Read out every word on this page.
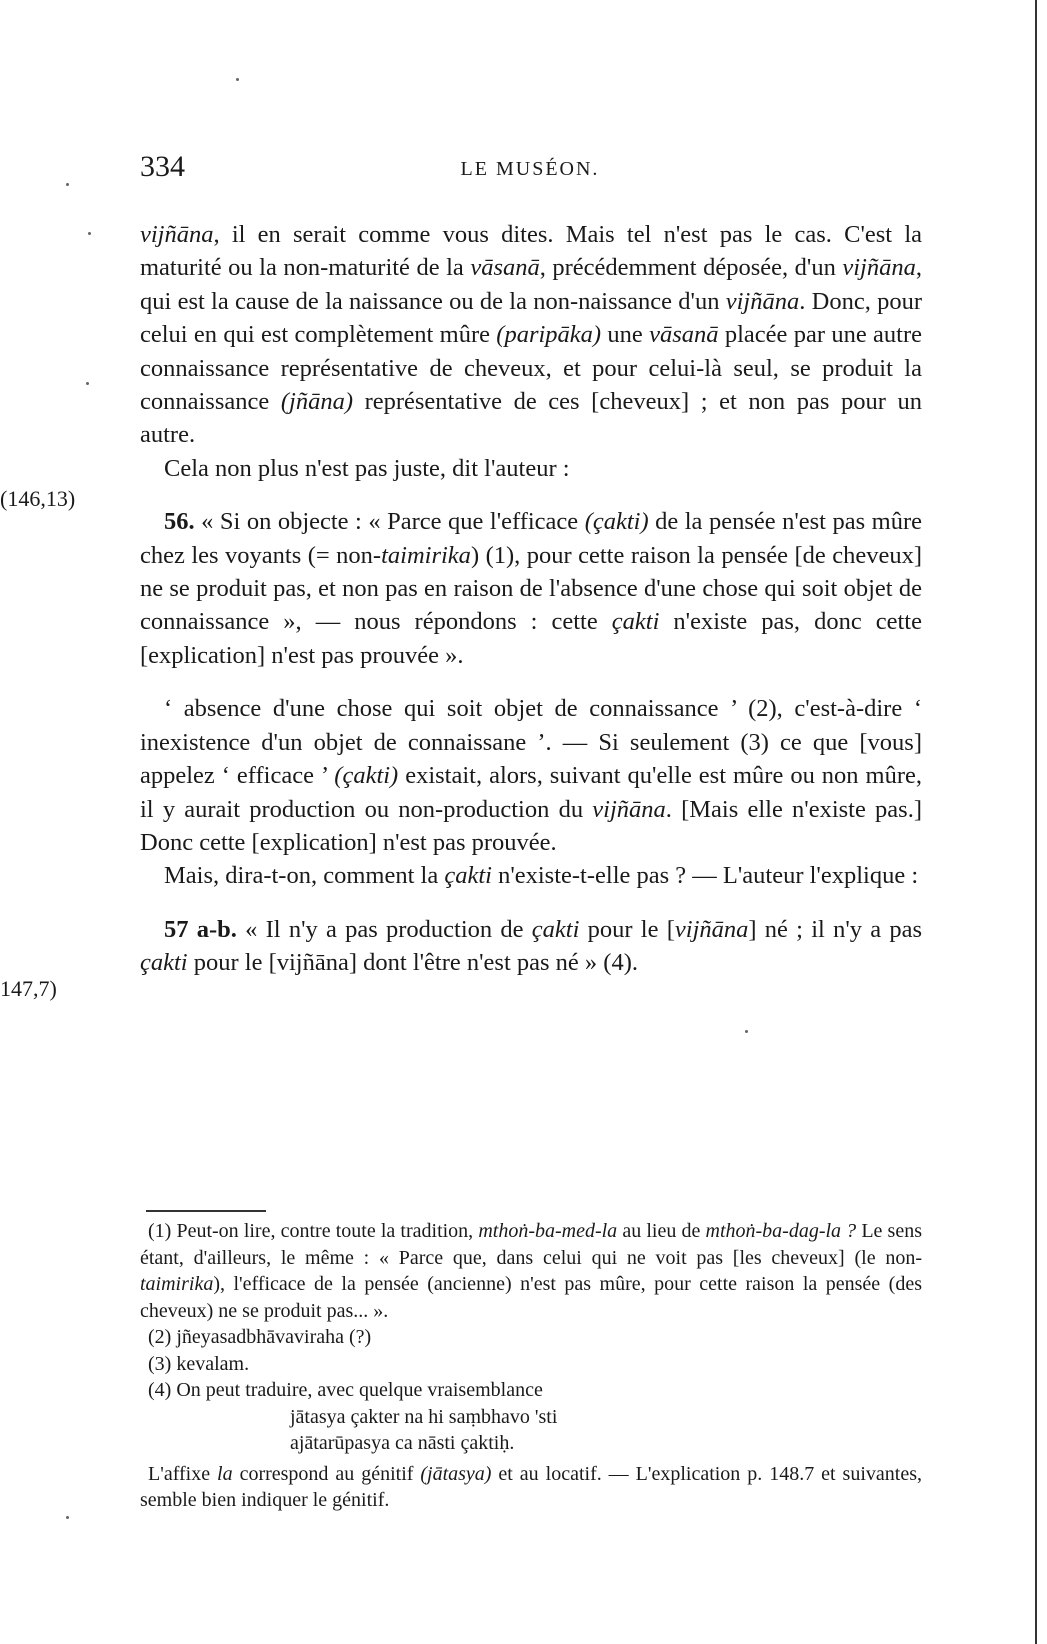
334	LE MUSÉON.
(146,13)
147,7)

vijñāna, il en serait comme vous dites. Mais tel n'est pas le cas. C'est la maturité ou la non-maturité de la vāsanā, précédemment déposée, d'un vijñāna, qui est la cause de la naissance ou de la non-naissance d'un vijñāna. Donc, pour celui en qui est complètement mûre (paripāka) une vāsanā placée par une autre connaissance représentative de cheveux, et pour celui-là seul, se produit la connaissance (jñāna) représentative de ces [cheveux] ; et non pas pour un autre.

Cela non plus n'est pas juste, dit l'auteur :

56. « Si on objecte : « Parce que l'efficace (çakti) de la pensée n'est pas mûre chez les voyants (= non-taimirika) (1), pour cette raison la pensée [de cheveux] ne se produit pas, et non pas en raison de l'absence d'une chose qui soit objet de connaissance », — nous répondons : cette çakti n'existe pas, donc cette [explication] n'est pas prouvée ».

‘ absence d'une chose qui soit objet de connaissance ’ (2), c'est-à-dire ‘ inexistence d'un objet de connaissane ’. — Si seulement (3) ce que [vous] appelez ‘ efficace ’ (çakti) existait, alors, suivant qu'elle est mûre ou non mûre, il y aurait production ou non-production du vijñāna. [Mais elle n'existe pas.] Donc cette [explication] n'est pas prouvée.

Mais, dira-t-on, comment la çakti n'existe-t-elle pas ? — L'auteur l'explique :

57 a-b. « Il n'y a pas production de çakti pour le [vijñāna] né ; il n'y a pas çakti pour le [vijñāna] dont l'être n'est pas né » (4).

(1) Peut-on lire, contre toute la tradition, mthoṅ-ba-med-la au lieu de mthoṅ-ba-dag-la ? Le sens étant, d'ailleurs, le même : « Parce que, dans celui qui ne voit pas [les cheveux] (le non-taimirika), l'efficace de la pensée (ancienne) n'est pas mûre, pour cette raison la pensée (des cheveux) ne se produit pas... ».

(2) jñeyasadbhāvaviraha (?)

(3) kevalam.

(4) On peut traduire, avec quelque vraisemblance

jātasya çakter na hi saṃbhavo 'sti

ajātarūpasya ca nāsti çaktiḥ.

L'affixe la correspond au génitif (jātasya) et au locatif. — L'explication p. 148.7 et suivantes, semble bien indiquer le génitif.
